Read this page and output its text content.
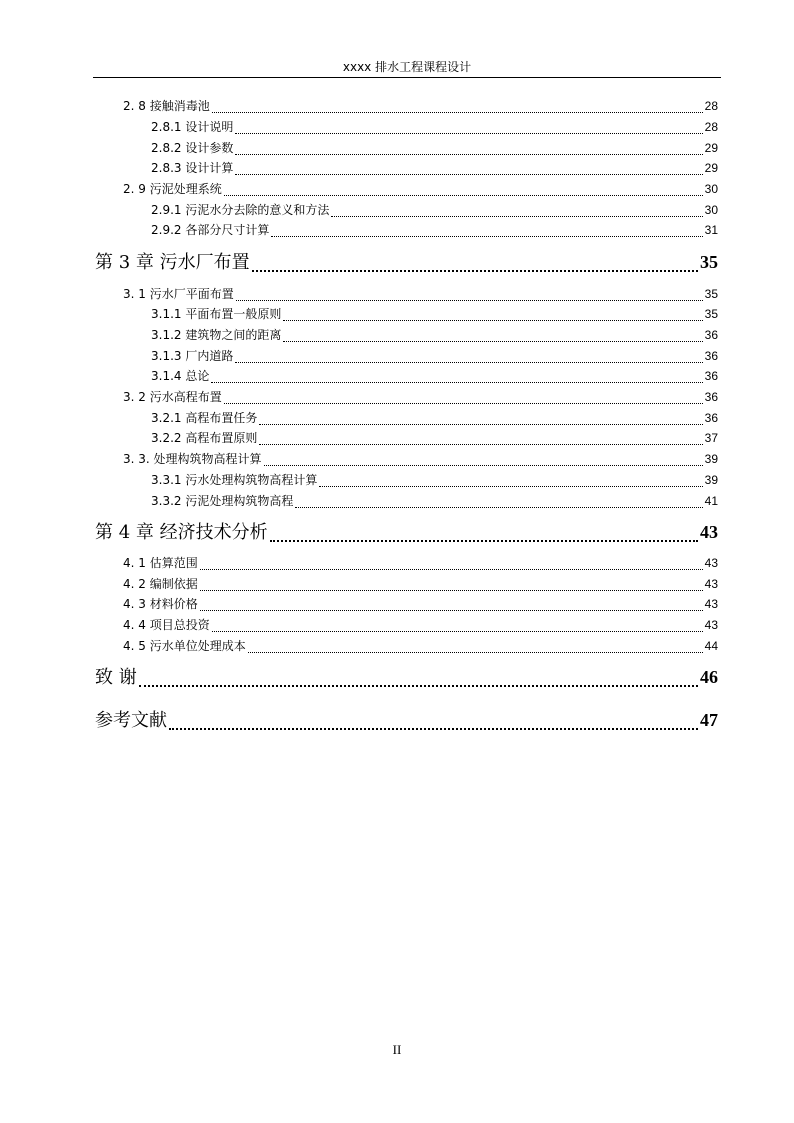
xxxx 排水工程课程设计
2. 8 接触消毒池	28
2.8.1 设计说明	28
2.8.2 设计参数	29
2.8.3 设计计算	29
2. 9 污泥处理系统	30
2.9.1 污泥水分去除的意义和方法	30
2.9.2 各部分尺寸计算	31
第 3 章 污水厂布置	35
3. 1 污水厂平面布置	35
3.1.1 平面布置一般原则	35
3.1.2 建筑物之间的距离	36
3.1.3 厂内道路	36
3.1.4 总论	36
3. 2 污水高程布置	36
3.2.1 高程布置任务	36
3.2.2 高程布置原则	37
3. 3. 处理构筑物高程计算	39
3.3.1 污水处理构筑物高程计算	39
3.3.2 污泥处理构筑物高程	41
第 4 章 经济技术分析	43
4. 1 估算范围	43
4. 2 编制依据	43
4. 3 材料价格	43
4. 4 项目总投资	43
4. 5 污水单位处理成本	44
致 谢	46
参考文献	47
II
